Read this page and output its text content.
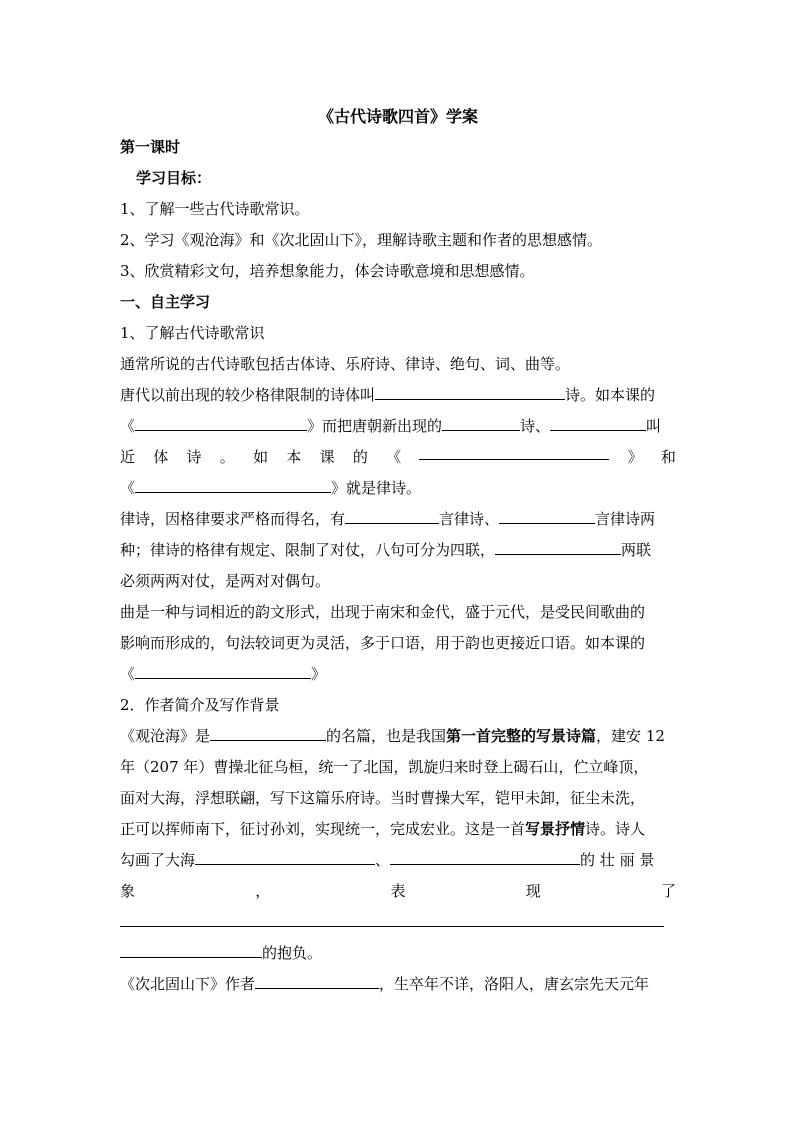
《古代诗歌四首》学案
第一课时
学习目标：
1、了解一些古代诗歌常识。
2、学习《观沧海》和《次北固山下》，理解诗歌主题和作者的思想感情。
3、欣赏精彩文句，培养想象能力，体会诗歌意境和思想感情。
一、自主学习
1、了解古代诗歌常识
通常所说的古代诗歌包括古体诗、乐府诗、律诗、绝句、词、曲等。
唐代以前出现的较少格律限制的诗体叫	诗。如本课的
《	》而把唐朝新出现的	诗、	叫
近 体 诗 。 如 本 课 的 《	》 和
《	》就是律诗。
律诗，因格律要求严格而得名，有	言律诗、	言律诗两
种；律诗的格律有规定、限制了对仗，八句可分为四联，	两联
必须两两对仗，是两对对偶句。
曲是一种与词相近的韵文形式，出现于南宋和金代，盛于元代，是受民间歌曲的
影响而形成的，句法较词更为灵活，多于口语，用于韵也更接近口语。如本课的
《	》
2．作者简介及写作背景
《观沧海》是	的名篇，也是我国第一首完整的写景诗篇，建安 12
年（207 年）曹操北征乌桓，统一了北国，凯旋归来时登上碣石山，伫立峰顶，
面对大海，浮想联翩，写下这篇乐府诗。当时曹操大军，铠甲未卸，征尘未洗，
正可以挥师南下，征讨孙刘，实现统一，完成宏业。这是一首写景抒情诗。诗人
勾画了大海	、	的 壮 丽 景
象	，	表	现	了
的抱负。
《次北固山下》作者	，生卒年不详，洛阳人，唐玄宗先天元年
